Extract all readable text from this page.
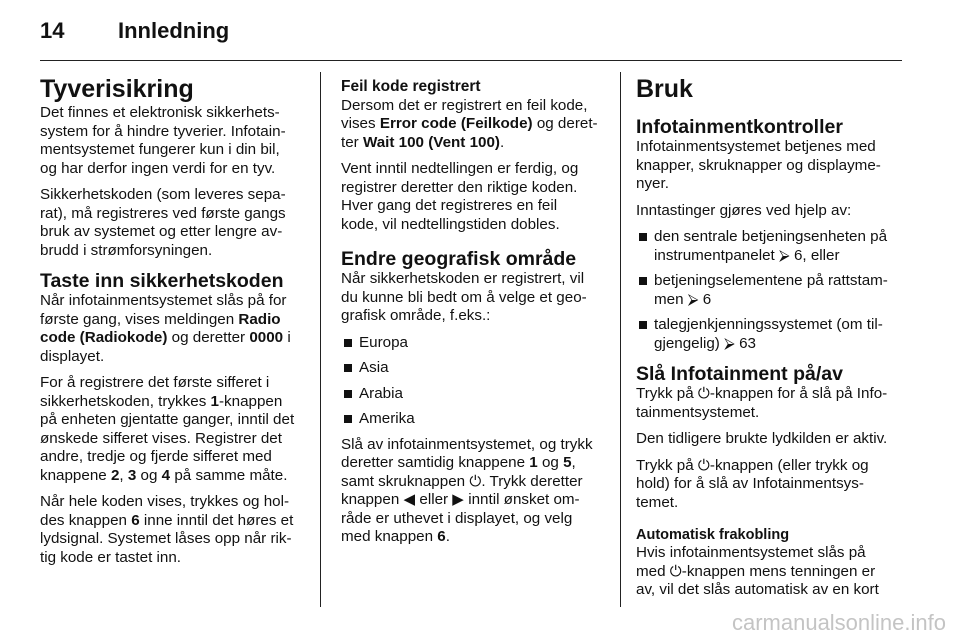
14 Innledning
Tyverisikring

Det finnes et elektronisk sikkerhets-
system for å hindre tyverier. Infotain-
mentsystemet fungerer kun i din bil,
og har derfor ingen verdi for en tyv.

Sikkerhetskoden (som leveres sepa-
rat), må registreres ved første gangs
bruk av systemet og etter lengre av-
brudd i strømforsyningen.

Taste inn sikkerhetskoden

Når infotainmentsystemet slås på for
første gang, vises meldingen Radio
code (Radiokode) og deretter 0000 i
displayet.

For å registrere det første sifferet i
sikkerhetskoden, trykkes 1-knappen
på enheten gjentatte ganger, inntil det
ønskede sifferet vises. Registrer det
andre, tredje og fjerde sifferet med
knappene 2, 3 og 4 på samme måte.

Når hele koden vises, trykkes og hol-
des knappen 6 inne inntil det høres et
lydsignal. Systemet låses opp når rik-
tig kode er tastet inn.

Feil kode registrert

Dersom det er registrert en feil kode,
vises Error code (Feilkode) og deret-
ter Wait 100 (Vent 100).

Vent inntil nedtellingen er ferdig, og
registrer deretter den riktige koden.
Hver gang det registreres en feil
kode, vil nedtellingstiden dobles.

Endre geografisk område

Når sikkerhetskoden er registrert, vil
du kunne bli bedt om å velge et geo-
grafisk område, f.eks.:

Europa
Asia
Arabia
Amerika

Slå av infotainmentsystemet, og trykk
deretter samtidig knappene 1 og 5,
samt skruknappen ⏻. Trykk deretter
knappen ◀ eller ▶ inntil ønsket om-
råde er uthevet i displayet, og velg
med knappen 6.

Bruk
Infotainmentkontroller

Infotainmentsystemet betjenes med
knapper, skruknapper og displayme-
nyer.

Inntastinger gjøres ved hjelp av:

den sentrale betjeningsenheten på
instrumentpanelet ⮚ 6, eller
betjeningselementene på rattstam-
men ⮚ 6
talegjenkjenningssystemet (om til-
gjengelig) ⮚ 63
Slå Infotainment på/av

Trykk på ⏻-knappen for å slå på Info-
tainmentsystemet.

Den tidligere brukte lydkilden er aktiv.

Trykk på ⏻-knappen (eller trykk og
hold) for å slå av Infotainmentsys-
temet.

Automatisk frakobling

Hvis infotainmentsystemet slås på
med ⏻-knappen mens tenningen er
av, vil det slås automatisk av en kort

carmanualsonline.info
